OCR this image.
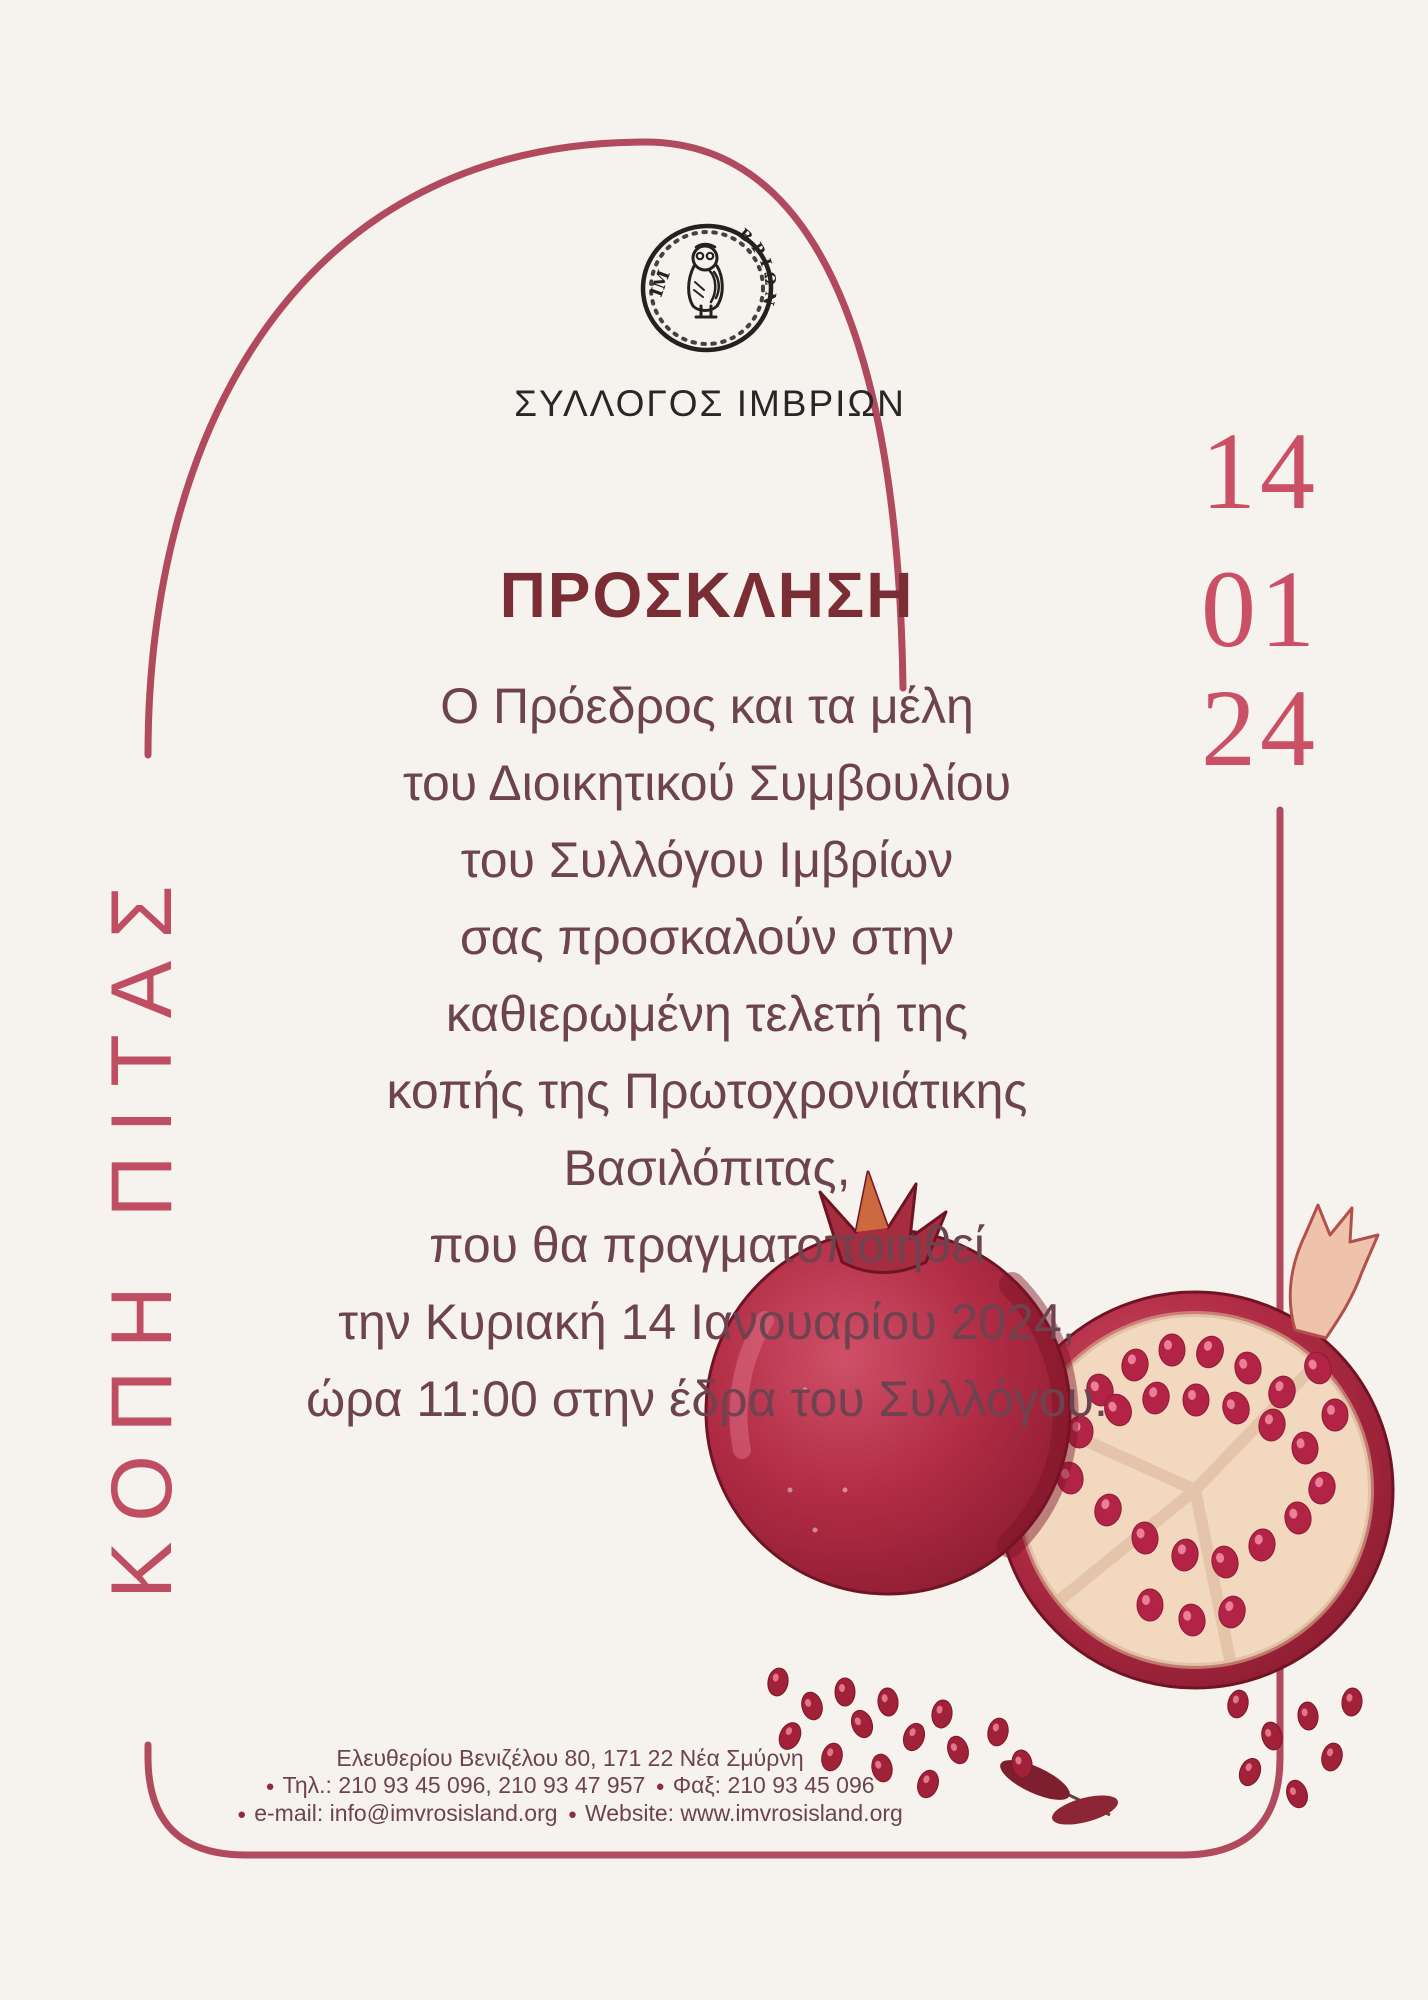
ΙΜ
ΒΡΙΩΝ
ΣΥΛΛΟΓΟΣ ΙΜΒΡΙΩΝ
ΠΡΟΣΚΛΗΣΗ
Ο Πρόεδρος και τα μέλη
του Διοικητικού Συμβουλίου
του Συλλόγου Ιμβρίων
σας προσκαλούν στην
καθιερωμένη τελετή της
κοπής της Πρωτοχρονιάτικης
Βασιλόπιτας,
που θα πραγματοποιηθεί
την Κυριακή 14 Ιανουαρίου 2024,
ώρα 11:00 στην έδρα του Συλλόγου.
14
01
24
ΚΟΠΗ ΠΙΤΑΣ
Ελευθερίου Βενιζέλου 80, 171 22 Νέα Σμύρνη
● Τηλ.: 210 93 45 096, 210 93 47 957 ● Φαξ: 210 93 45 096
● e-mail: info@imvrosisland.org ● Website: www.imvrosisland.org
